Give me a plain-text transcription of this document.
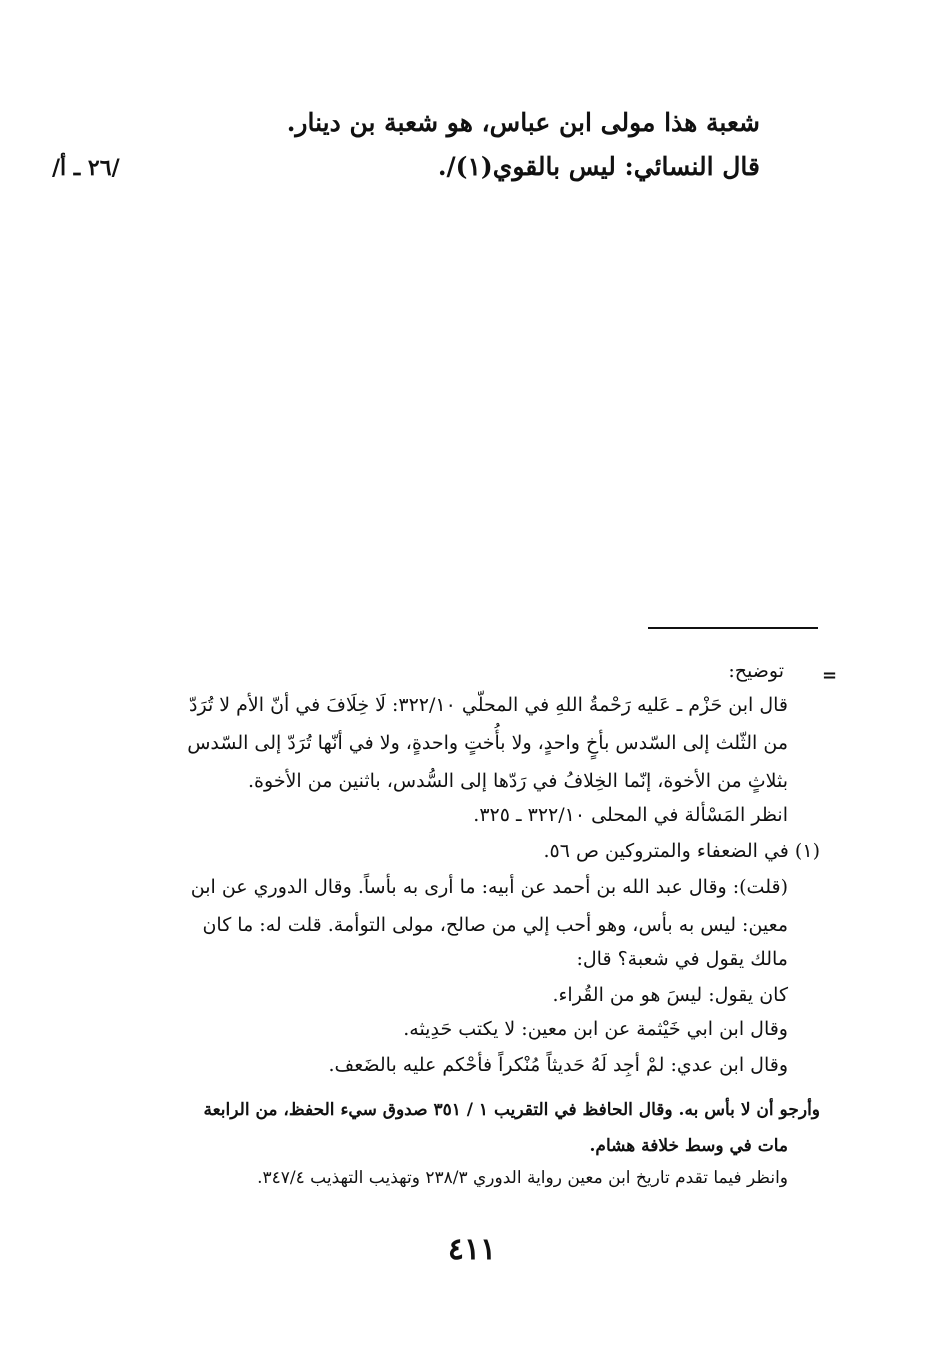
شعبة هذا مولى ابن عباس، هو شعبة بن دينار.
قال النسائي: ليس بالقوي(١)/.
/٢٦ ـ أ/
=
توضيح:
قال ابن حَزْم ـ عَليه رَحْمةُ اللهِ في المحلّي ٣٢٢/١٠: لَا خِلَافَ في أنّ الأم لا تُرَدّ
من الثّلث إلى السّدس بأخٍ واحدٍ، ولا بأُختٍ واحدةٍ، ولا في أنّها تُرَدّ إلى السّدس
بثلاثٍ من الأخوة، إنّما الخِلافُ في رَدّها إلى السُّدس، باثنين من الأخوة.
انظر المَسْألة في المحلى ٣٢٢/١٠ ـ ٣٢٥.
(١) في الضعفاء والمتروكين ص ٥٦.
(قلت): وقال عبد الله بن أحمد عن أبيه: ما أرى به بأساً. وقال الدوري عن ابن
معين: ليس به بأس، وهو أحب إلي من صالح، مولى التوأمة. قلت له: ما كان
مالك يقول في شعبة؟ قال:
كان يقول: ليسَ هو من القُراء.
وقال ابن ابي خَيْثمة عن ابن معين: لا يكتب حَدِيثه.
وقال ابن عدي: لمْ أجِد لَهُ حَديثاً مُنْكراً فأحْكم عليه بالضَعف.
وأرجو أن لا بأس به. وقال الحافظ في التقريب ١ / ٣٥١ صدوق سيء الحفظ، من الرابعة
مات في وسط خلافة هشام.
وانظر فيما تقدم تاريخ ابن معين رواية الدوري ٢٣٨/٣ وتهذيب التهذيب ٣٤٧/٤.
٤١١
